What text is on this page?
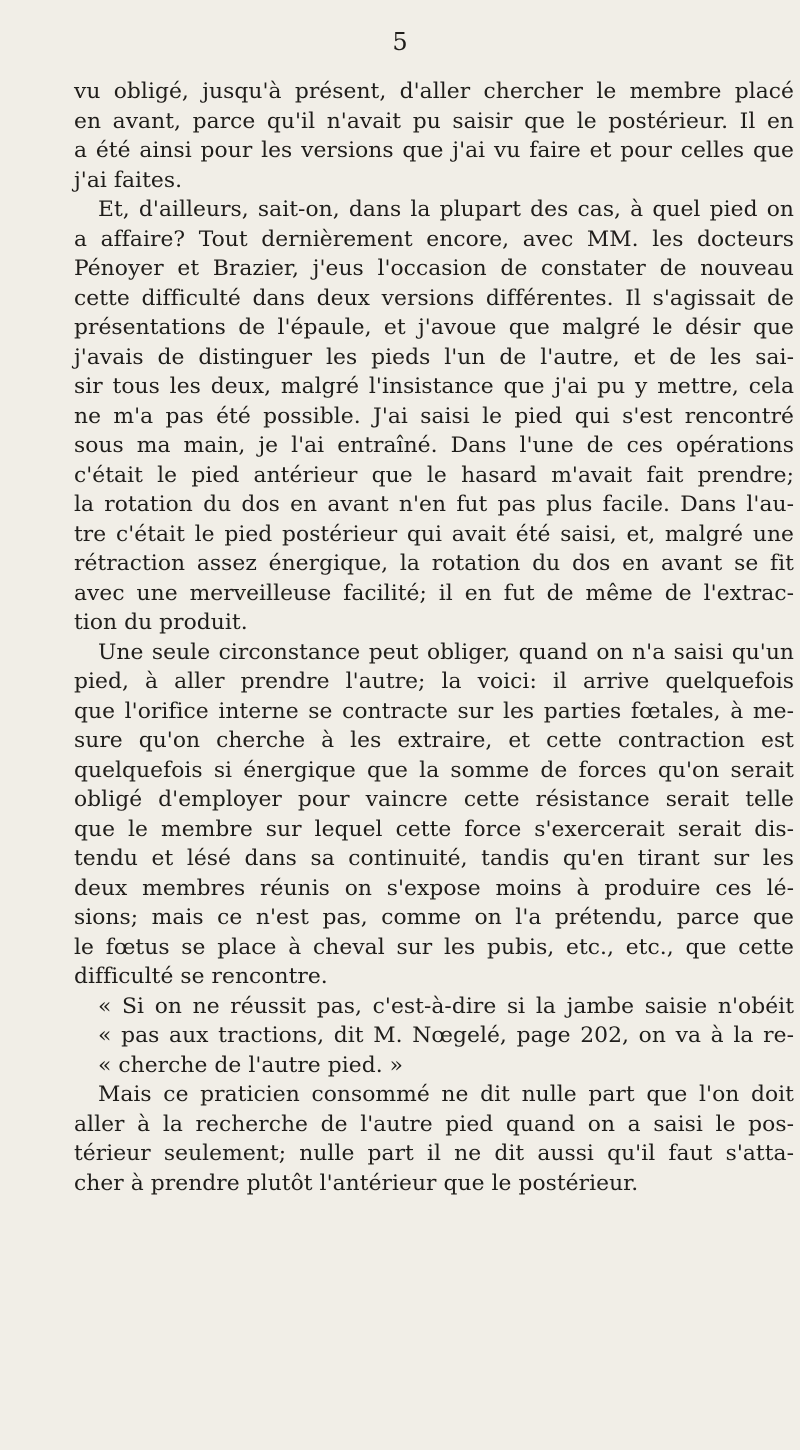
5
vu obligé, jusqu'à présent, d'aller chercher le membre placé
en avant, parce qu'il n'avait pu saisir que le postérieur. Il en
a été ainsi pour les versions que j'ai vu faire et pour celles que
j'ai faites.
Et, d'ailleurs, sait-on, dans la plupart des cas, à quel pied on
a affaire? Tout dernièrement encore, avec MM. les docteurs
Pénoyer et Brazier, j'eus l'occasion de constater de nouveau
cette difficulté dans deux versions différentes. Il s'agissait de
présentations de l'épaule, et j'avoue que malgré le désir que
j'avais de distinguer les pieds l'un de l'autre, et de les sai-
sir tous les deux, malgré l'insistance que j'ai pu y mettre, cela
ne m'a pas été possible. J'ai saisi le pied qui s'est rencontré
sous ma main, je l'ai entraîné. Dans l'une de ces opérations
c'était le pied antérieur que le hasard m'avait fait prendre;
la rotation du dos en avant n'en fut pas plus facile. Dans l'au-
tre c'était le pied postérieur qui avait été saisi, et, malgré une
rétraction assez énergique, la rotation du dos en avant se fit
avec une merveilleuse facilité; il en fut de même de l'extrac-
tion du produit.
Une seule circonstance peut obliger, quand on n'a saisi qu'un
pied, à aller prendre l'autre; la voici: il arrive quelquefois
que l'orifice interne se contracte sur les parties fœtales, à me-
sure qu'on cherche à les extraire, et cette contraction est
quelquefois si énergique que la somme de forces qu'on serait
obligé d'employer pour vaincre cette résistance serait telle
que le membre sur lequel cette force s'exercerait serait dis-
tendu et lésé dans sa continuité, tandis qu'en tirant sur les
deux membres réunis on s'expose moins à produire ces lé-
sions; mais ce n'est pas, comme on l'a prétendu, parce que
le fœtus se place à cheval sur les pubis, etc., etc., que cette
difficulté se rencontre.
« Si on ne réussit pas, c'est-à-dire si la jambe saisie n'obéit
« pas aux tractions, dit M. Nœgelé, page 202, on va à la re-
« cherche de l'autre pied. »
Mais ce praticien consommé ne dit nulle part que l'on doit
aller à la recherche de l'autre pied quand on a saisi le pos-
térieur seulement; nulle part il ne dit aussi qu'il faut s'atta-
cher à prendre plutôt l'antérieur que le postérieur.
